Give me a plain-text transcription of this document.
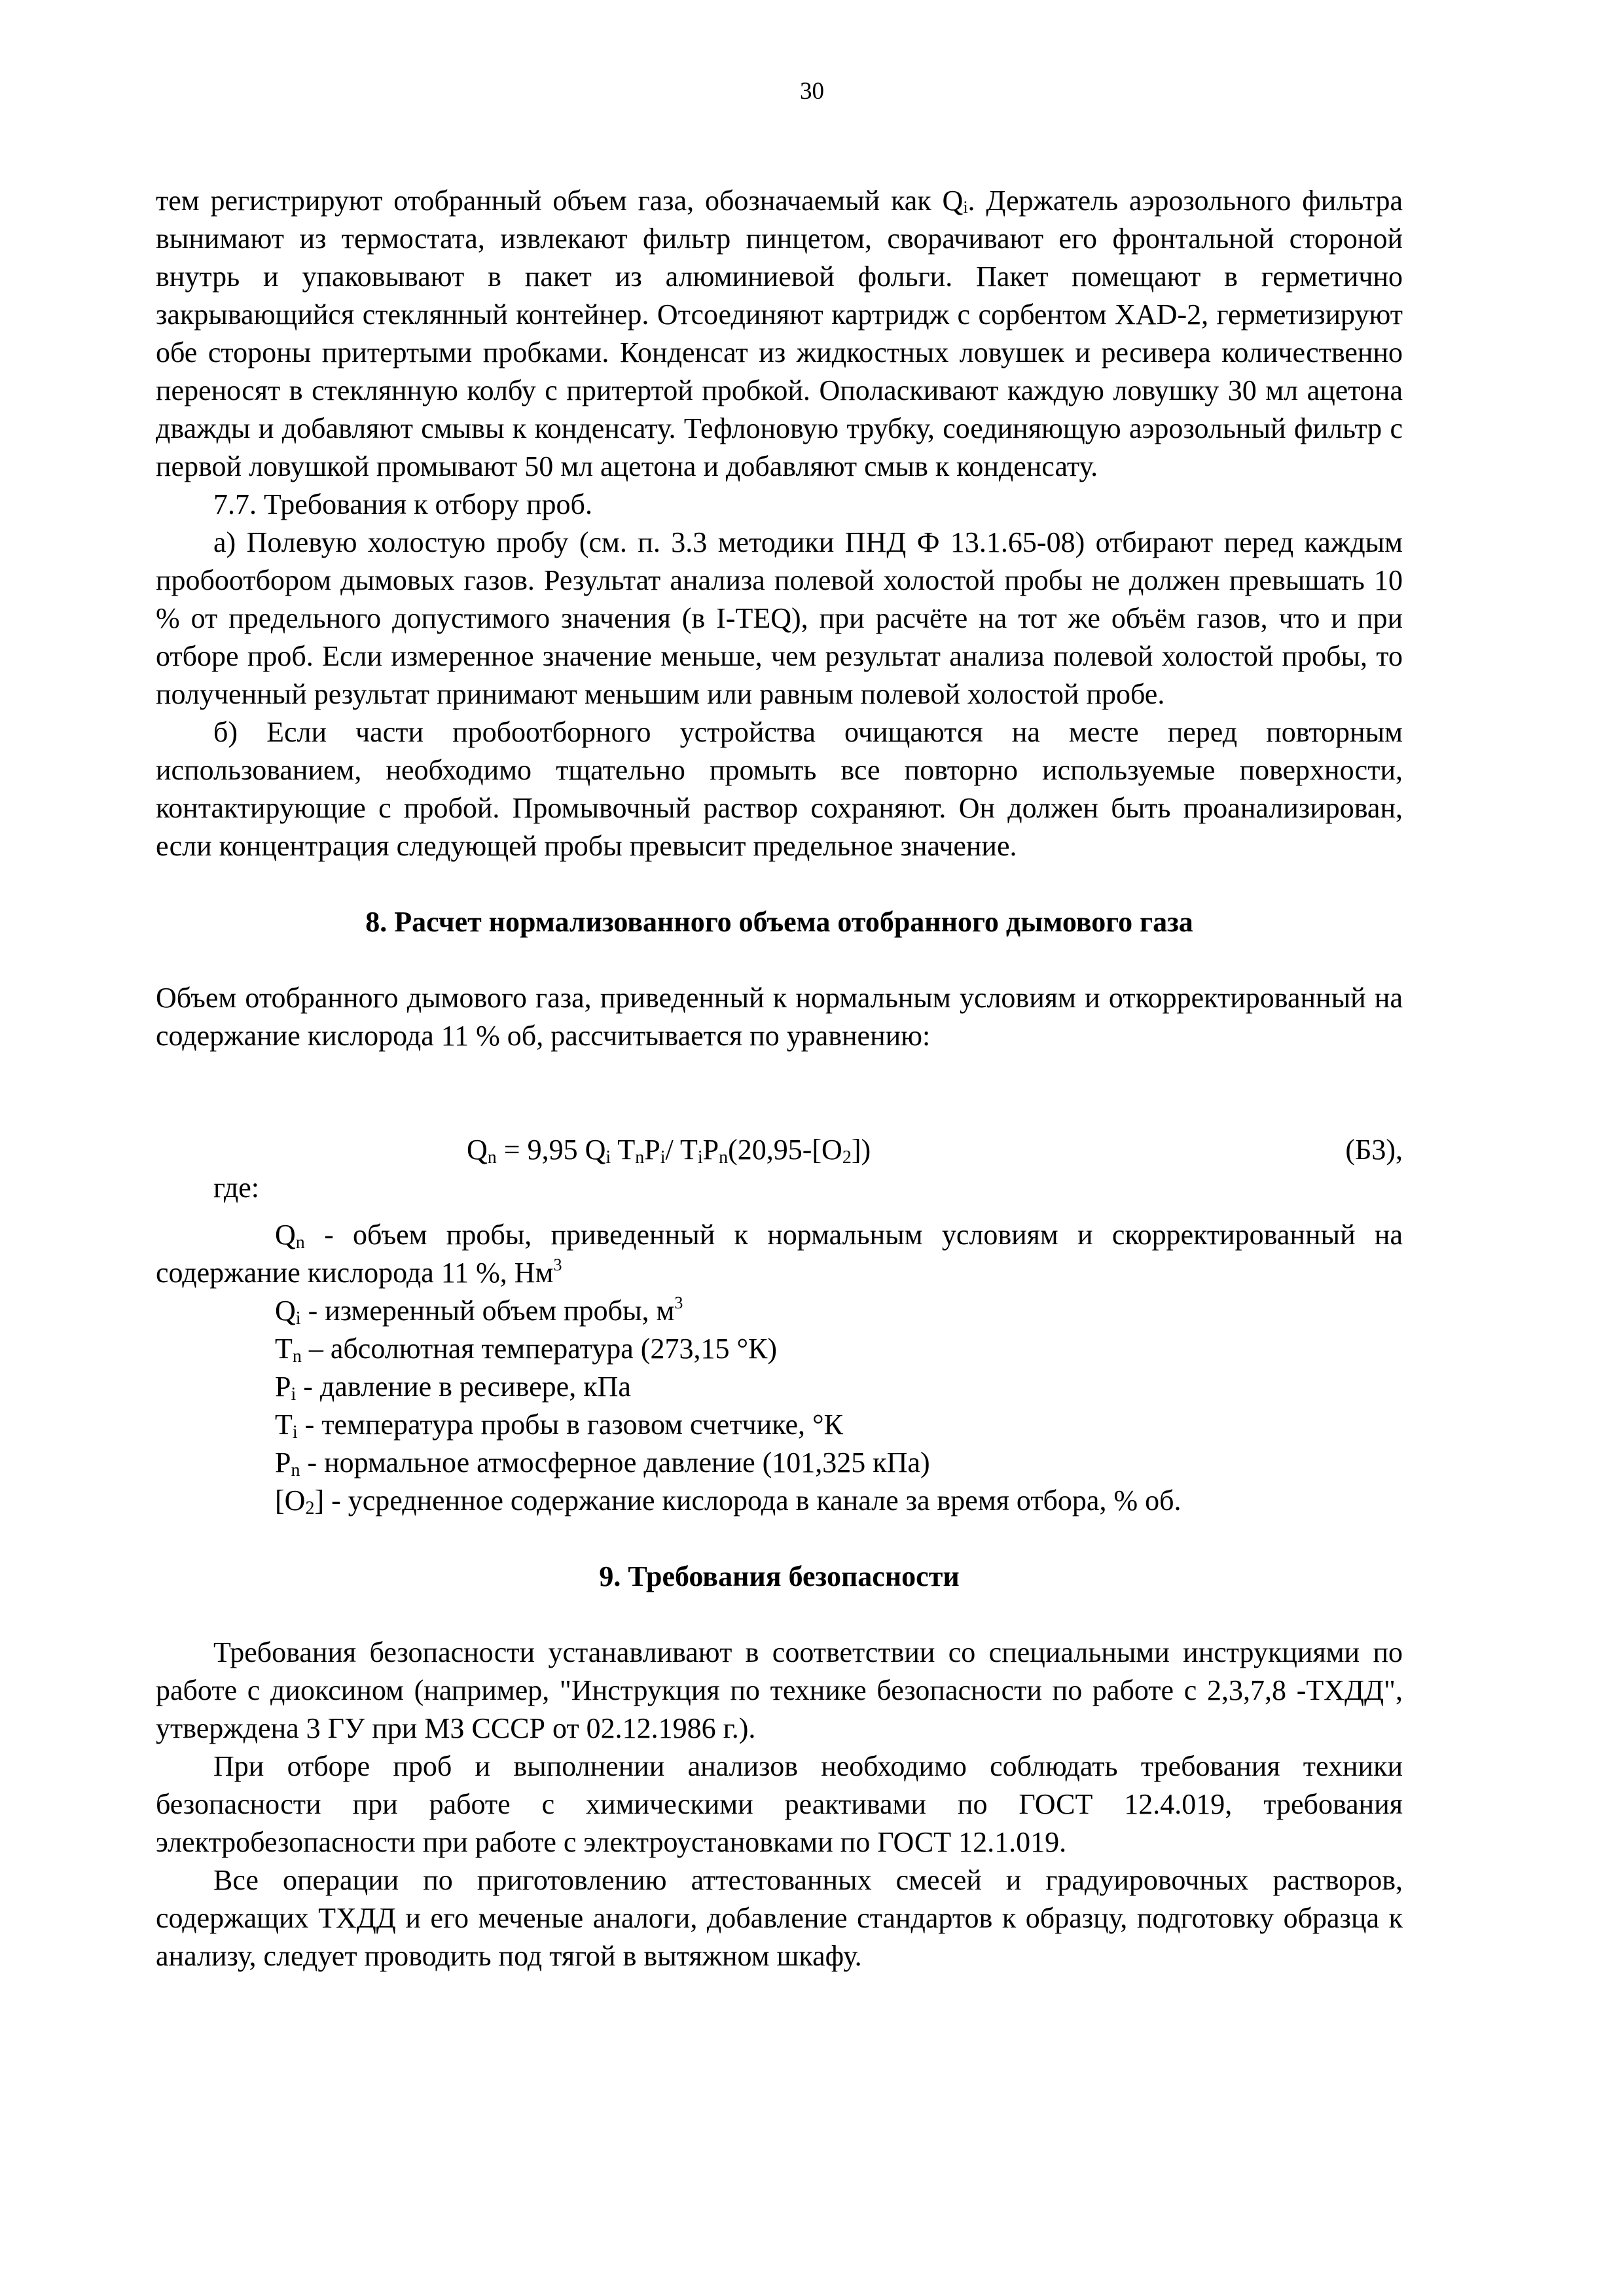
30

тем регистрируют отобранный объем газа, обозначаемый как Qᵢ. Держатель аэрозольного фильтра вынимают из термостата, извлекают фильтр пинцетом, сворачивают его фронтальной стороной внутрь и упаковывают в пакет из алюминиевой фольги. Пакет помещают в герметично закрывающийся стеклянный контейнер. Отсоединяют картридж с сорбентом XAD-2, герметизируют обе стороны притертыми пробками. Конденсат из жидкостных ловушек и ресивера количественно переносят в стеклянную колбу с притертой пробкой. Ополаскивают каждую ловушку 30 мл ацетона дважды и добавляют смывы к конденсату. Тефлоновую трубку, соединяющую аэрозольный фильтр с первой ловушкой промывают 50 мл ацетона и добавляют смыв к конденсату.

7.7. Требования к отбору проб.

а) Полевую холостую пробу (см. п. 3.3 методики ПНД Ф 13.1.65-08) отбирают перед каждым пробоотбором дымовых газов. Результат анализа полевой холостой пробы не должен превышать 10 % от предельного допустимого значения (в I-TEQ), при расчёте на тот же объём газов, что и при отборе проб. Если измеренное значение меньше, чем результат анализа полевой холостой пробы, то полученный результат принимают меньшим или равным полевой холостой пробе.

б) Если части пробоотборного устройства очищаются на месте перед повторным использованием, необходимо тщательно промыть все повторно используемые поверхности, контактирующие с пробой. Промывочный раствор сохраняют. Он должен быть проанализирован, если концентрация следующей пробы превысит предельное значение.

8. Расчет нормализованного объема отобранного дымового газа

Объем отобранного дымового газа, приведенный к нормальным условиям и откорректированный на содержание кислорода 11 % об, рассчитывается по уравнению:

$Q_n = 9,95$ $Q_i$ $T_nP_i/$ $T_iP_n(20,95-[O_2])$	(Б3),

где:

$Q_n$ - объем пробы, приведенный к нормальным условиям и скорректированный на содержание кислорода 11 %, $Нм^3$

$Q_i$ - измеренный объем пробы, $м^3$

$T_n$ – абсолютная температура (273,15 °К)

$P_i$ - давление в ресивере, кПа

$T_i$ - температура пробы в газовом счетчике, °К

$P_n$ - нормальное атмосферное давление (101,325 кПа)

$[O_2]$ - усредненное содержание кислорода в канале за время отбора, % об.

9. Требования безопасности

Требования безопасности устанавливают в соответствии со специальными инструкциями по работе с диоксином (например, "Инструкция по технике безопасности по работе с 2,3,7,8 -ТХДД", утверждена 3 ГУ при МЗ СССР от 02.12.1986 г.).

При отборе проб и выполнении анализов необходимо соблюдать требования техники безопасности при работе с химическими реактивами по ГОСТ 12.4.019, требования электробезопасности при работе с электроустановками по ГОСТ 12.1.019.

Все операции по приготовлению аттестованных смесей и градуировочных растворов, содержащих ТХДД и его меченые аналоги, добавление стандартов к образцу, подготовку образца к анализу, следует проводить под тягой в вытяжном шкафу.
